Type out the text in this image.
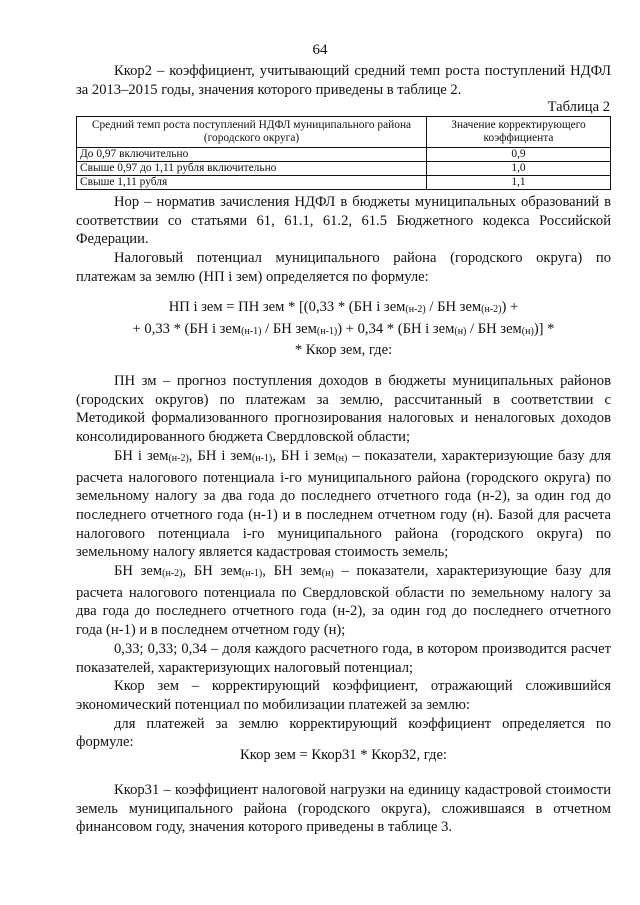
64

Ккор2 – коэффициент, учитывающий средний темп роста поступлений НДФЛ за 2013–2015 годы, значения которого приведены в таблице 2.

Таблица 2
Средний темп роста поступлений НДФЛ муниципального района (городского округа)	Значение корректирующего коэффициента
До 0,97 включительно	0,9
Свыше 0,97 до 1,11 рубля включительно	1,0
Свыше 1,11 рубля	1,1

Нор – норматив зачисления НДФЛ в бюджеты муниципальных образований в соответствии со статьями 61, 61.1, 61.2, 61.5 Бюджетного кодекса Российской Федерации.

Налоговый потенциал муниципального района (городского округа) по платежам за землю (НП i зем) определяется по формуле:

НП i зем = ПН зем * [(0,33 * (БН i зем$_{(н-2)}$ / БН зем$_{(н-2)}$) +
+ 0,33 * (БН i зем$_{(н-1)}$ / БН зем$_{(н-1)}$) + 0,34 * (БН i зем$_{(н)}$ / БН зем$_{(н)}$)] *
* Ккор зем, где:

ПН зм – прогноз поступления доходов в бюджеты муниципальных районов (городских округов) по платежам за землю, рассчитанный в соответствии с Методикой формализованного прогнозирования налоговых и неналоговых доходов консолидированного бюджета Свердловской области;

БН i зем$_{(н-2)}$, БН i зем$_{(н-1)}$, БН i зем$_{(н)}$ – показатели, характеризующие базу для расчета налогового потенциала i-го муниципального района (городского округа) по земельному налогу за два года до последнего отчетного года (н-2), за один год до последнего отчетного года (н-1) и в последнем отчетном году (н). Базой для расчета налогового потенциала i-го муниципального района (городского округа) по земельному налогу является кадастровая стоимость земель;

БН зем$_{(н-2)}$, БН зем$_{(н-1)}$, БН зем$_{(н)}$ – показатели, характеризующие базу для расчета налогового потенциала по Свердловской области по земельному налогу за два года до последнего отчетного года (н-2), за один год до последнего отчетного года (н-1) и в последнем отчетном году (н);

0,33; 0,33; 0,34 – доля каждого расчетного года, в котором производится расчет показателей, характеризующих налоговый потенциал;

Ккор зем – корректирующий коэффициент, отражающий сложившийся экономический потенциал по мобилизации платежей за землю:

для платежей за землю корректирующий коэффициент определяется по формуле:

Ккор зем = Ккор31 * Ккор32, где:

Ккор31 – коэффициент налоговой нагрузки на единицу кадастровой стоимости земель муниципального района (городского округа), сложившаяся в отчетном финансовом году, значения которого приведены в таблице 3.
